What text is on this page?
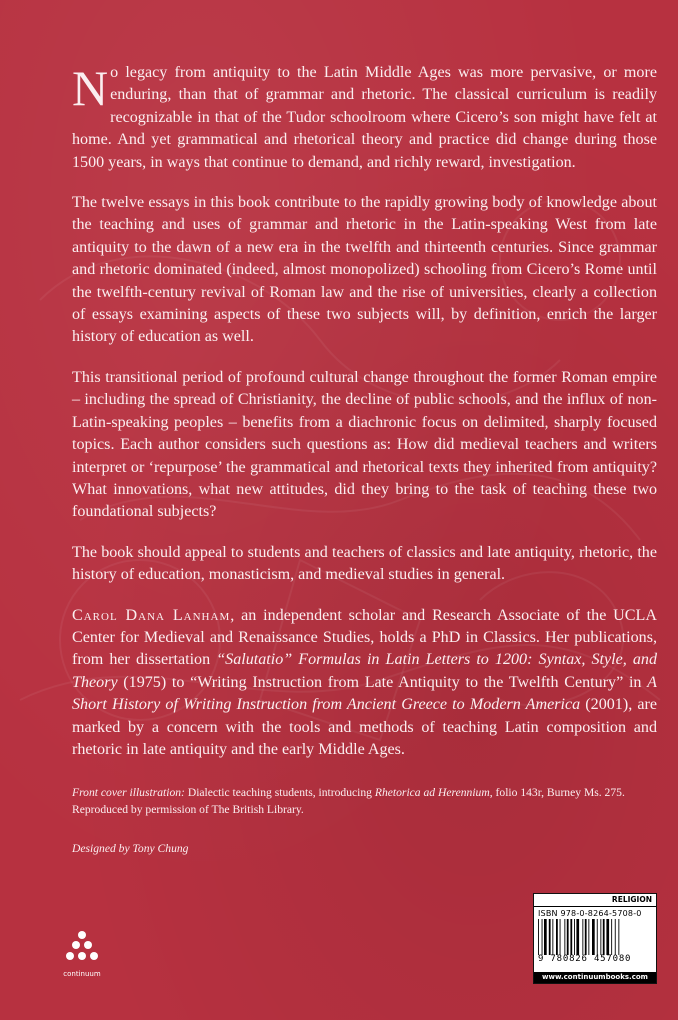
No legacy from antiquity to the Latin Middle Ages was more pervasive, or more enduring, than that of grammar and rhetoric. The classical curriculum is readily recognizable in that of the Tudor schoolroom where Cicero’s son might have felt at home. And yet grammatical and rhetorical theory and practice did change during those 1500 years, in ways that continue to demand, and richly reward, investigation.

The twelve essays in this book contribute to the rapidly growing body of knowledge about the teaching and uses of grammar and rhetoric in the Latin-speaking West from late antiquity to the dawn of a new era in the twelfth and thirteenth centuries. Since grammar and rhetoric dominated (indeed, almost monopolized) schooling from Cicero’s Rome until the twelfth-century revival of Roman law and the rise of universities, clearly a collection of essays examining aspects of these two subjects will, by definition, enrich the larger history of education as well.

This transitional period of profound cultural change throughout the former Roman empire – including the spread of Christianity, the decline of public schools, and the influx of non-Latin-speaking peoples – benefits from a diachronic focus on delimited, sharply focused topics. Each author considers such questions as: How did medieval teachers and writers interpret or ‘repurpose’ the grammatical and rhetorical texts they inherited from antiquity? What innovations, what new attitudes, did they bring to the task of teaching these two foundational subjects?

The book should appeal to students and teachers of classics and late antiquity, rhetoric, the history of education, monasticism, and medieval studies in general.

Carol Dana Lanham, an independent scholar and Research Associate of the UCLA Center for Medieval and Renaissance Studies, holds a PhD in Classics. Her publications, from her dissertation “Salutatio” Formulas in Latin Letters to 1200: Syntax, Style, and Theory (1975) to “Writing Instruction from Late Antiquity to the Twelfth Century” in A Short History of Writing Instruction from Ancient Greece to Modern America (2001), are marked by a concern with the tools and methods of teaching Latin composition and rhetoric in late antiquity and the early Middle Ages.

Front cover illustration: Dialectic teaching students, introducing Rhetorica ad Herennium, folio 143r, Burney Ms. 275. Reproduced by permission of The British Library.
Designed by Tony Chung
continuum
RELIGION
ISBN 978-0-8264-5708-0
9 780826 457080
www.continuumbooks.com
